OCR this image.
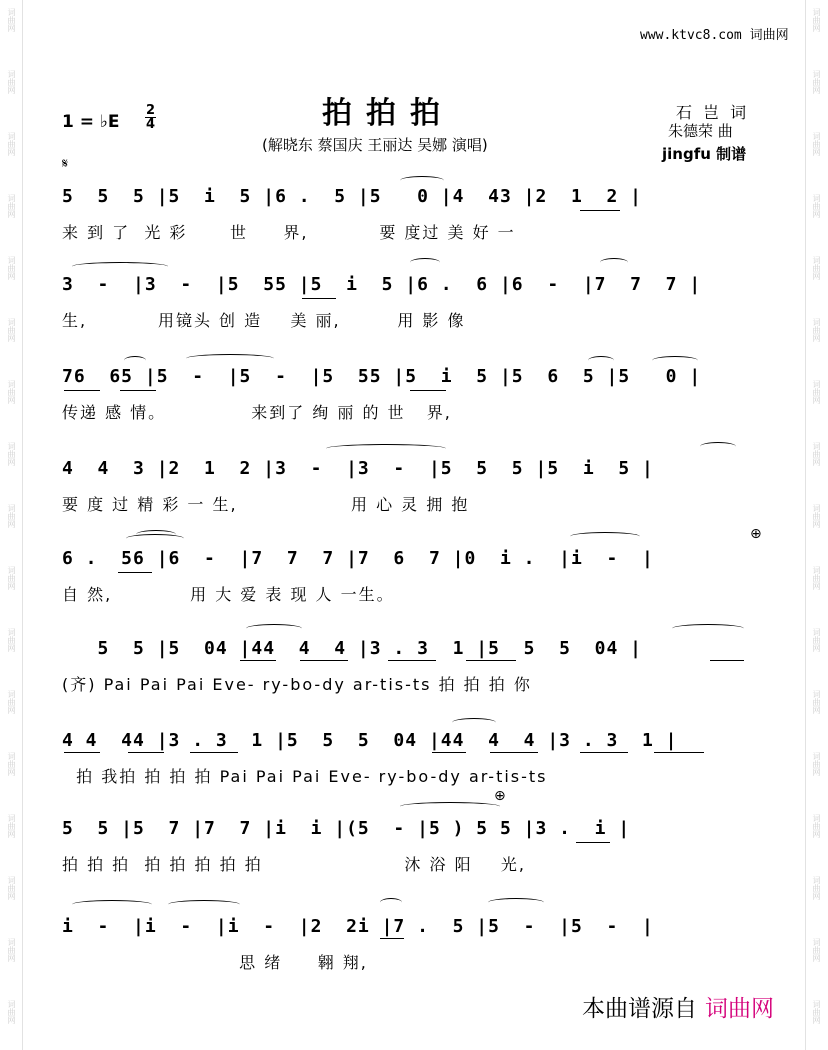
www.ktvc8.com 词曲网
拍拍拍
1 = ♭E
2
4
(解晓东 蔡国庆 王丽达 吴娜 演唱)
石 岂 词
朱德荣 曲
jingfu 制谱
𝄋
⊕
⊕
5  5  5 |5  i  5 |6 .  5 |5   0 |4  43 |2  1  2 |
来 到 了  光 彩      世     界,          要 度过 美 好 一
3  -  |3  -  |5  55 |5  i  5 |6 .  6 |6  -  |7  7  7 |
生,          用镜头 创 造    美 丽,        用 影 像
76  65 |5  -  |5  -  |5  55 |5  i  5 |5  6  5 |5   0 |
传递 感 情。            来到了 绚 丽 的 世   界,
4  4  3 |2  1  2 |3  -  |3  -  |5  5  5 |5  i  5 |
要 度 过 精 彩 一 生,                用 心 灵 拥 抱
6 .  56 |6  -  |7  7  7 |7  6  7 |0  i .  |i  -  |
自 然,           用 大 爱 表 现 人 一生。
5  5 |5  04 |44  4  4 |3 . 3  1 |5  5  5  04 |
(齐) Pai Pai Pai Eve- ry-bo-dy ar-tis-ts 拍 拍 拍 你
4 4  44 |3 . 3  1 |5  5  5  04 |44  4  4 |3 . 3  1 |
拍 我拍 拍 拍 拍 Pai Pai Pai Eve- ry-bo-dy ar-tis-ts
5  5 |5  7 |7  7 |i  i |(5  - |5 ) 5 5 |3 .  i |
拍 拍 拍  拍 拍 拍 拍 拍                    沐 浴 阳    光,
i  -  |i  -  |i  -  |2  2i |7 .  5 |5  -  |5  -  |
思 绪     翱 翔,
本曲谱源自 词曲网
词曲网	词曲网
词曲网	词曲网
词曲网	词曲网
词曲网	词曲网
词曲网	词曲网
词曲网	词曲网
词曲网	词曲网
词曲网	词曲网
词曲网	词曲网
词曲网	词曲网
词曲网	词曲网
词曲网	词曲网
词曲网	词曲网
词曲网	词曲网
词曲网	词曲网
词曲网	词曲网
词曲网	词曲网
